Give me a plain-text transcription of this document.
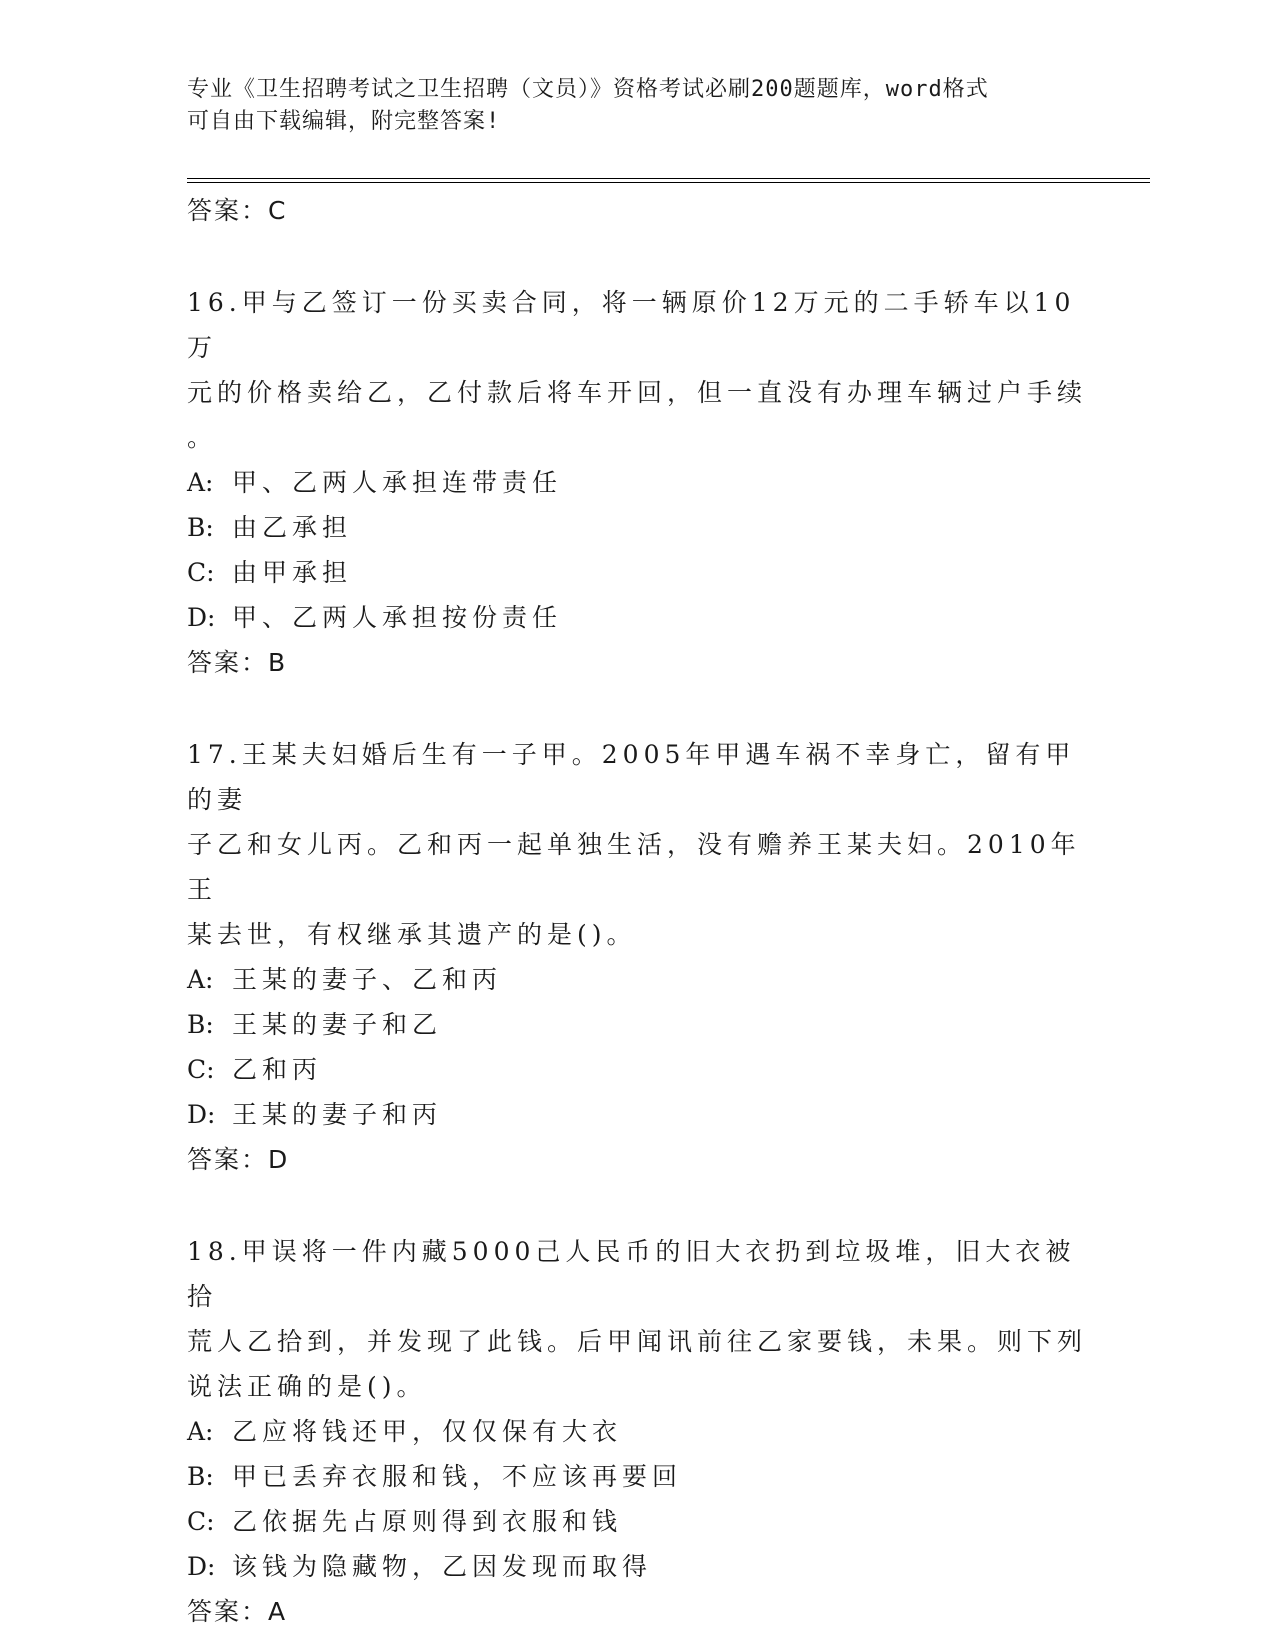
专业《卫生招聘考试之卫生招聘（文员）》资格考试必刷200题题库，word格式
可自由下载编辑，附完整答案!
答案：C
16.甲与乙签订一份买卖合同，将一辆原价12万元的二手轿车以10万
元的价格卖给乙，乙付款后将车开回，但一直没有办理车辆过户手续
。
A: 甲、乙两人承担连带责任
B: 由乙承担
C: 由甲承担
D: 甲、乙两人承担按份责任
答案：B
17.王某夫妇婚后生有一子甲。2005年甲遇车祸不幸身亡，留有甲的妻
子乙和女儿丙。乙和丙一起单独生活，没有赡养王某夫妇。2010年王
某去世，有权继承其遗产的是()。
A: 王某的妻子、乙和丙
B: 王某的妻子和乙
C: 乙和丙
D: 王某的妻子和丙
答案：D
18.甲误将一件内藏5000己人民币的旧大衣扔到垃圾堆，旧大衣被拾
荒人乙拾到，并发现了此钱。后甲闻讯前往乙家要钱，未果。则下列
说法正确的是()。
A: 乙应将钱还甲，仅仅保有大衣
B: 甲已丢弃衣服和钱，不应该再要回
C: 乙依据先占原则得到衣服和钱
D: 该钱为隐藏物，乙因发现而取得
答案：A
